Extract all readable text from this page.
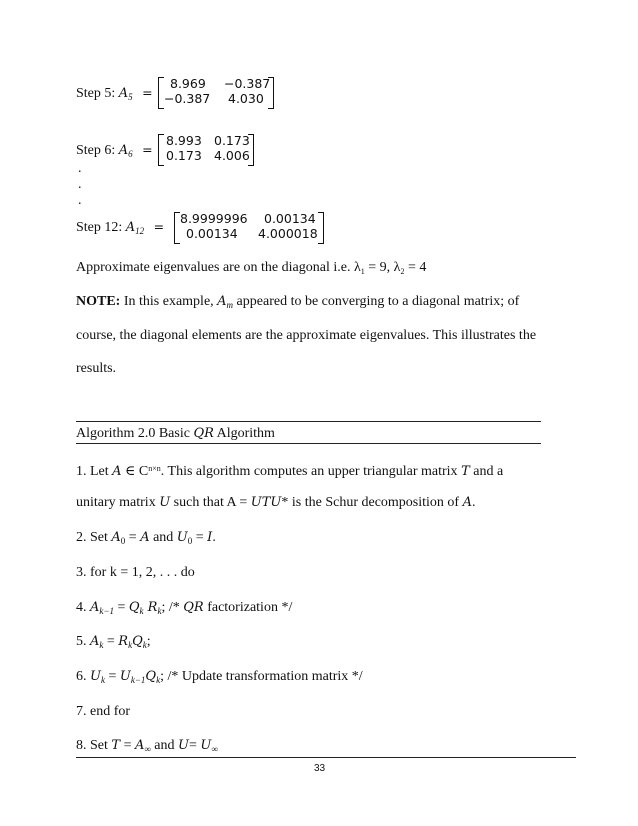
Step 5: $A_5$ =
8.969 −0.387
−0.387 4.030
Step 6: $A_6$ =
8.993 0.173
0.173 4.006
.
.
.
Step 12: $A_{12}$ =
8.9999996 0.00134
0.00134 4.000018
Approximate eigenvalues are on the diagonal i.e. $\lambda_1 = 9$, $\lambda_2 = 4$
NOTE: In this example, $A_m$ appeared to be converging to a diagonal matrix; of
course, the diagonal elements are the approximate eigenvalues. This illustrates the
results.
Algorithm 2.0 Basic QR Algorithm
1. Let A ∈ $C^{n\times n}$. This algorithm computes an upper triangular matrix T and a
unitary matrix U such that A = UTU* is the Schur decomposition of A.
2. Set $A_0 = A$ and $U_0 = I$.
3. for k = 1, 2, . . . do
4. $A_{k-1} = Q_k$ $R_k$; /* QR factorization */
5. $A_k = R_kQ_k$;
6. $U_k = U_{k-1}Q_k$; /* Update transformation matrix */
7. end for
8. Set $T = A_\infty$ and $U= U_\infty$
33
